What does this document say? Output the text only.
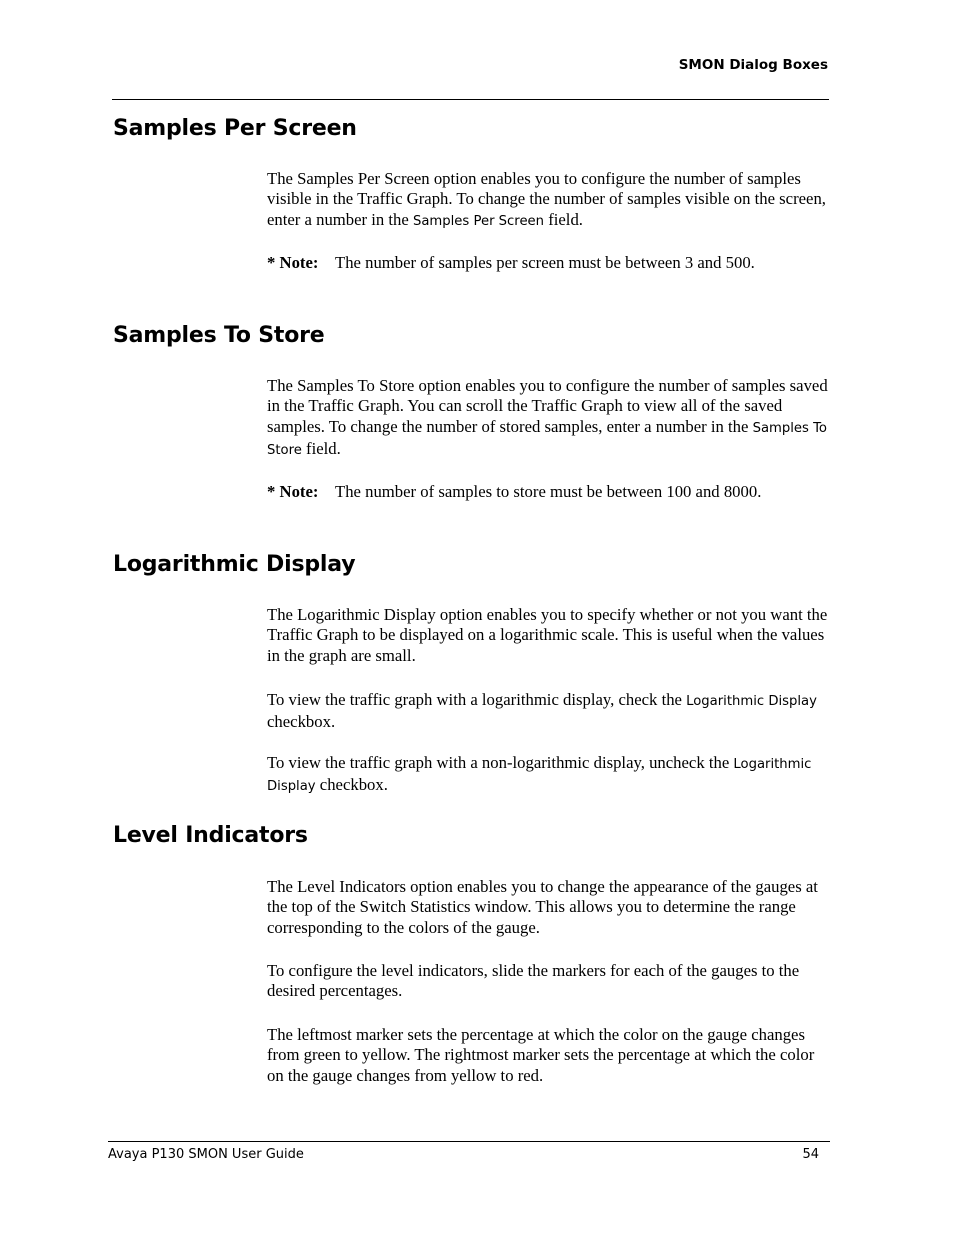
SMON Dialog Boxes
Samples Per Screen

The Samples Per Screen option enables you to configure the number of samples visible in the Traffic Graph. To change the number of samples visible on the screen, enter a number in the Samples Per Screen field.

* Note: The number of samples per screen must be between 3 and 500.
Samples To Store

The Samples To Store option enables you to configure the number of samples saved in the Traffic Graph. You can scroll the Traffic Graph to view all of the saved samples. To change the number of stored samples, enter a number in the Samples To Store field.

* Note: The number of samples to store must be between 100 and 8000.
Logarithmic Display

The Logarithmic Display option enables you to specify whether or not you want the Traffic Graph to be displayed on a logarithmic scale. This is useful when the values in the graph are small.

To view the traffic graph with a logarithmic display, check the Logarithmic Display checkbox.

To view the traffic graph with a non-logarithmic display, uncheck the Logarithmic Display checkbox.

Level Indicators

The Level Indicators option enables you to change the appearance of the gauges at the top of the Switch Statistics window. This allows you to determine the range corresponding to the colors of the gauge.

To configure the level indicators, slide the markers for each of the gauges to the desired percentages.

The leftmost marker sets the percentage at which the color on the gauge changes from green to yellow. The rightmost marker sets the percentage at which the color on the gauge changes from yellow to red.

Avaya P130 SMON User Guide	54
